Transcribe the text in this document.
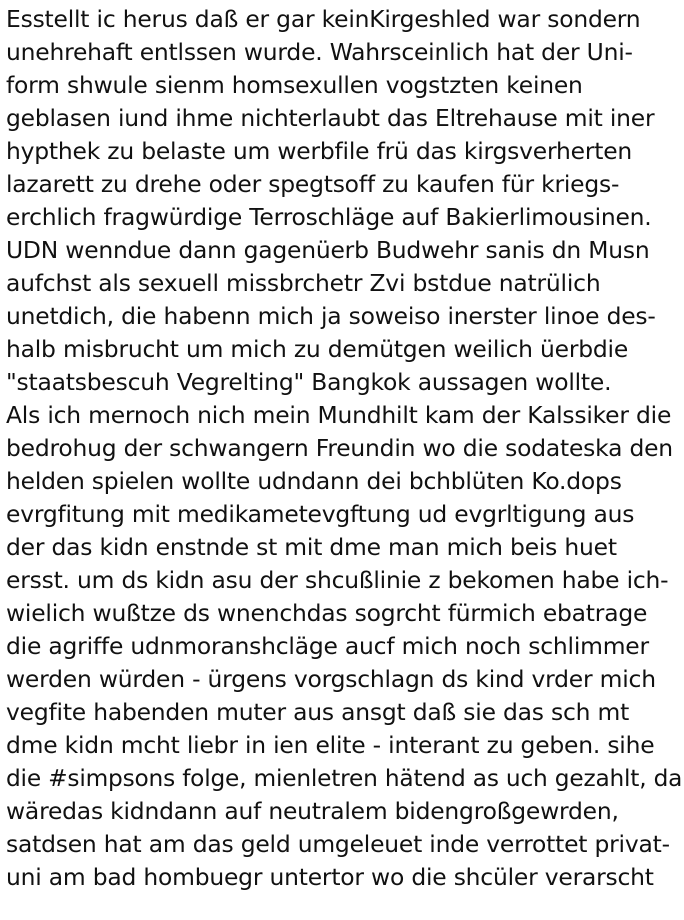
Esstellt ic herus daß er gar keinKirgeshled war sondern
unehrehaft entlssen wurde. Wahrsceinlich hat der Uni-
form shwule sienm homsexullen vogstzten keinen
geblasen iund ihme nichterlaubt das Eltrehause mit iner
hypthek zu belaste um werbfile frü das kirgsverherten
lazarett zu drehe oder spegtsoff zu kaufen für kriegs-
erchlich fragwürdige Terroschläge auf Bakierlimousinen.
UDN wenndue dann gagenüerb Budwehr sanis dn Musn
aufchst als sexuell missbrchetr Zvi bstdue natrülich
unetdich, die habenn mich ja soweiso inerster linoe des-
halb misbrucht um mich zu demütgen weilich üerbdie
"staatsbescuh Vegrelting" Bangkok aussagen wollte.
Als ich mernoch nich mein Mundhilt kam der Kalssiker die
bedrohug der schwangern Freundin wo die sodateska den
helden spielen wollte udndann dei bchblüten Ko.dops
evrgfitung mit medikametevgftung ud evgrltigung aus
der das kidn enstnde st mit dme man mich beis huet
ersst. um ds kidn asu der shcußlinie z bekomen habe ich-
wielich wußtze ds wnenchdas sogrcht fürmich ebatrage
die agriffe udnmoranshcläge aucf mich noch schlimmer
werden würden - ürgens vorgschlagn ds kind vrder mich
vegfite habenden muter aus ansgt daß sie das sch mt
dme kidn mcht liebr in ien elite - interant zu geben. sihe
die #simpsons folge, mienletren hätend as uch gezahlt, da
wäredas kidndann auf neutralem bidengroßgewrden,
satdsen hat am das geld umgeleuet inde verrottet privat-
uni am bad hombuegr untertor wo die shcüler verarscht
